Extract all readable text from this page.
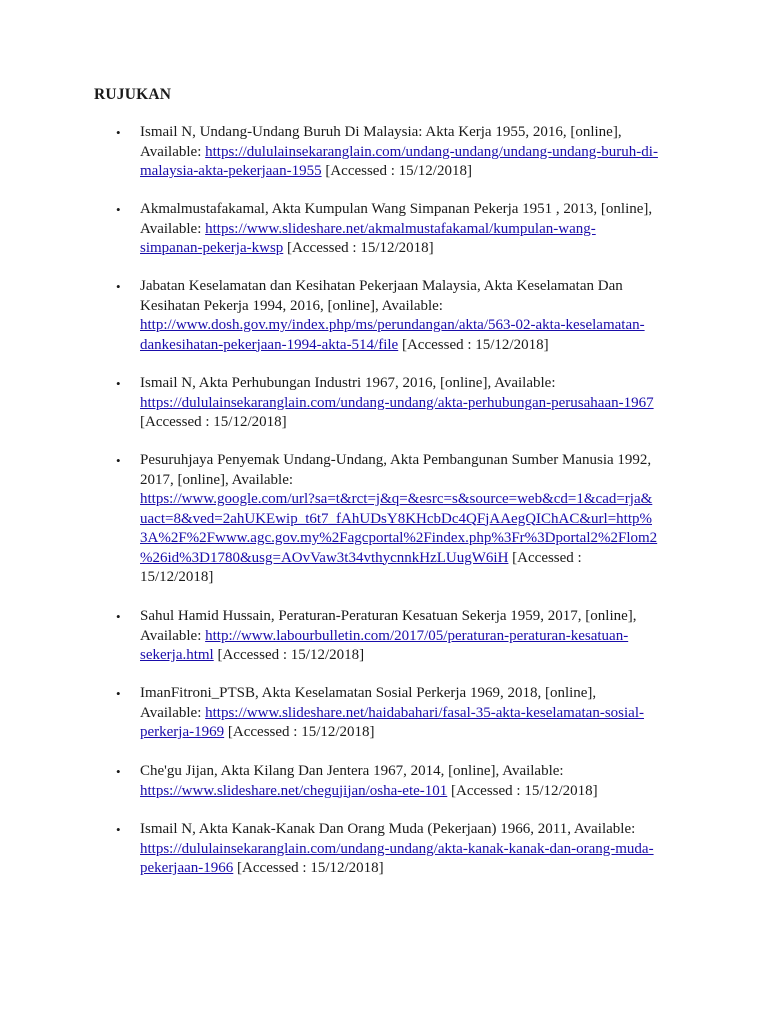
RUJUKAN
• Ismail N, Undang-Undang Buruh Di Malaysia: Akta Kerja 1955, 2016, [online],
Available: https://dululainsekaranglain.com/undang-undang/undang-undang-buruh-di-
malaysia-akta-pekerjaan-1955 [Accessed : 15/12/2018]
• Akmalmustafakamal, Akta Kumpulan Wang Simpanan Pekerja 1951 , 2013, [online],
Available: https://www.slideshare.net/akmalmustafakamal/kumpulan-wang-
simpanan-pekerja-kwsp [Accessed : 15/12/2018]
• Jabatan Keselamatan dan Kesihatan Pekerjaan Malaysia, Akta Keselamatan Dan
Kesihatan Pekerja 1994, 2016, [online], Available:
http://www.dosh.gov.my/index.php/ms/perundangan/akta/563-02-akta-keselamatan-
dankesihatan-pekerjaan-1994-akta-514/file [Accessed : 15/12/2018]
• Ismail N, Akta Perhubungan Industri 1967, 2016, [online], Available:
https://dululainsekaranglain.com/undang-undang/akta-perhubungan-perusahaan-1967
[Accessed : 15/12/2018]
• Pesuruhjaya Penyemak Undang-Undang, Akta Pembangunan Sumber Manusia 1992,
2017, [online], Available:
https://www.google.com/url?sa=t&rct=j&q=&esrc=s&source=web&cd=1&cad=rja&
uact=8&ved=2ahUKEwip_t6t7_fAhUDsY8KHcbDc4QFjAAegQIChAC&url=http%
3A%2F%2Fwww.agc.gov.my%2Fagcportal%2Findex.php%3Fr%3Dportal2%2Flom2
%26id%3D1780&usg=AOvVaw3t34vthycnnkHzLUugW6iH [Accessed :
15/12/2018]
• Sahul Hamid Hussain, Peraturan-Peraturan Kesatuan Sekerja 1959, 2017, [online],
Available: http://www.labourbulletin.com/2017/05/peraturan-peraturan-kesatuan-
sekerja.html [Accessed : 15/12/2018]
• ImanFitroni_PTSB, Akta Keselamatan Sosial Perkerja 1969, 2018, [online],
Available: https://www.slideshare.net/haidabahari/fasal-35-akta-keselamatan-sosial-
perkerja-1969 [Accessed : 15/12/2018]
• Che'gu Jijan, Akta Kilang Dan Jentera 1967, 2014, [online], Available:
https://www.slideshare.net/chegujijan/osha-ete-101 [Accessed : 15/12/2018]
• Ismail N, Akta Kanak-Kanak Dan Orang Muda (Pekerjaan) 1966, 2011, Available:
https://dululainsekaranglain.com/undang-undang/akta-kanak-kanak-dan-orang-muda-
pekerjaan-1966 [Accessed : 15/12/2018]
